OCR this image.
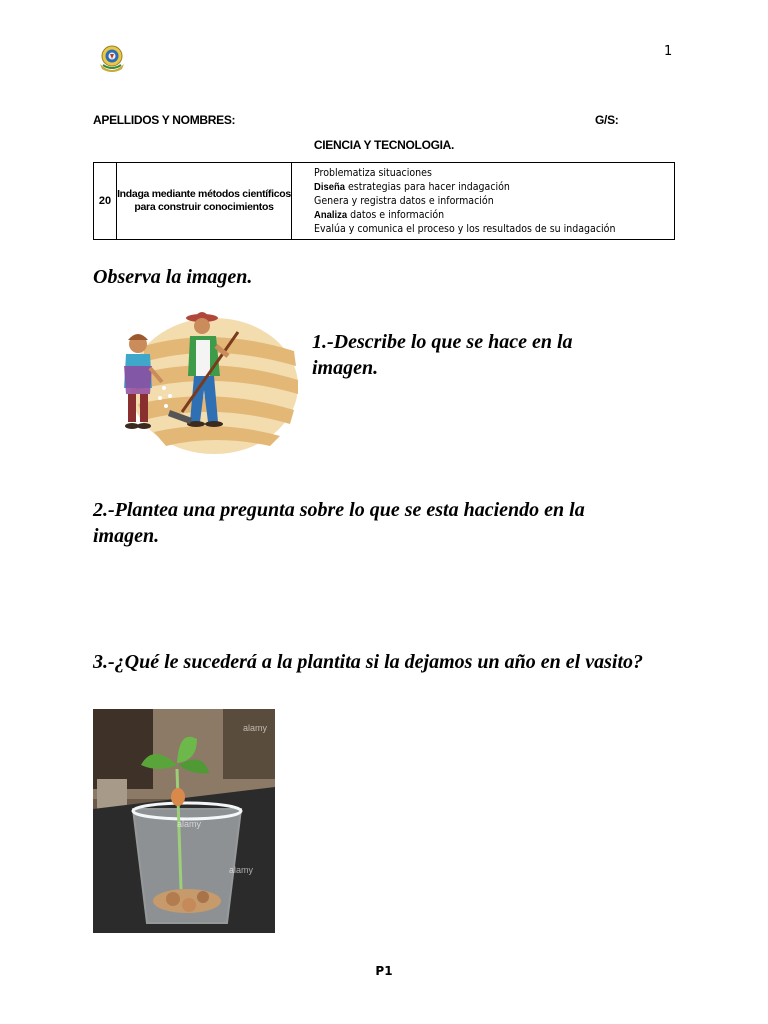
1
APELLIDOS Y NOMBRES:	G/S:
CIENCIA Y TECNOLOGIA.
20	Indaga mediante métodos científicos para construir conocimientos	
Problematiza situaciones
Diseña estrategias para hacer indagación
Genera y registra datos e información
Analiza datos e información
Evalúa y comunica el proceso y los resultados de su indagación
Observa la imagen.
1.-Describe lo que se hace en la imagen.
2.-Plantea una pregunta sobre lo que se esta haciendo en la imagen.
3.-¿Qué le sucederá a la plantita si la dejamos un año en el vasito?
alamy
alamy
alamy
P1
